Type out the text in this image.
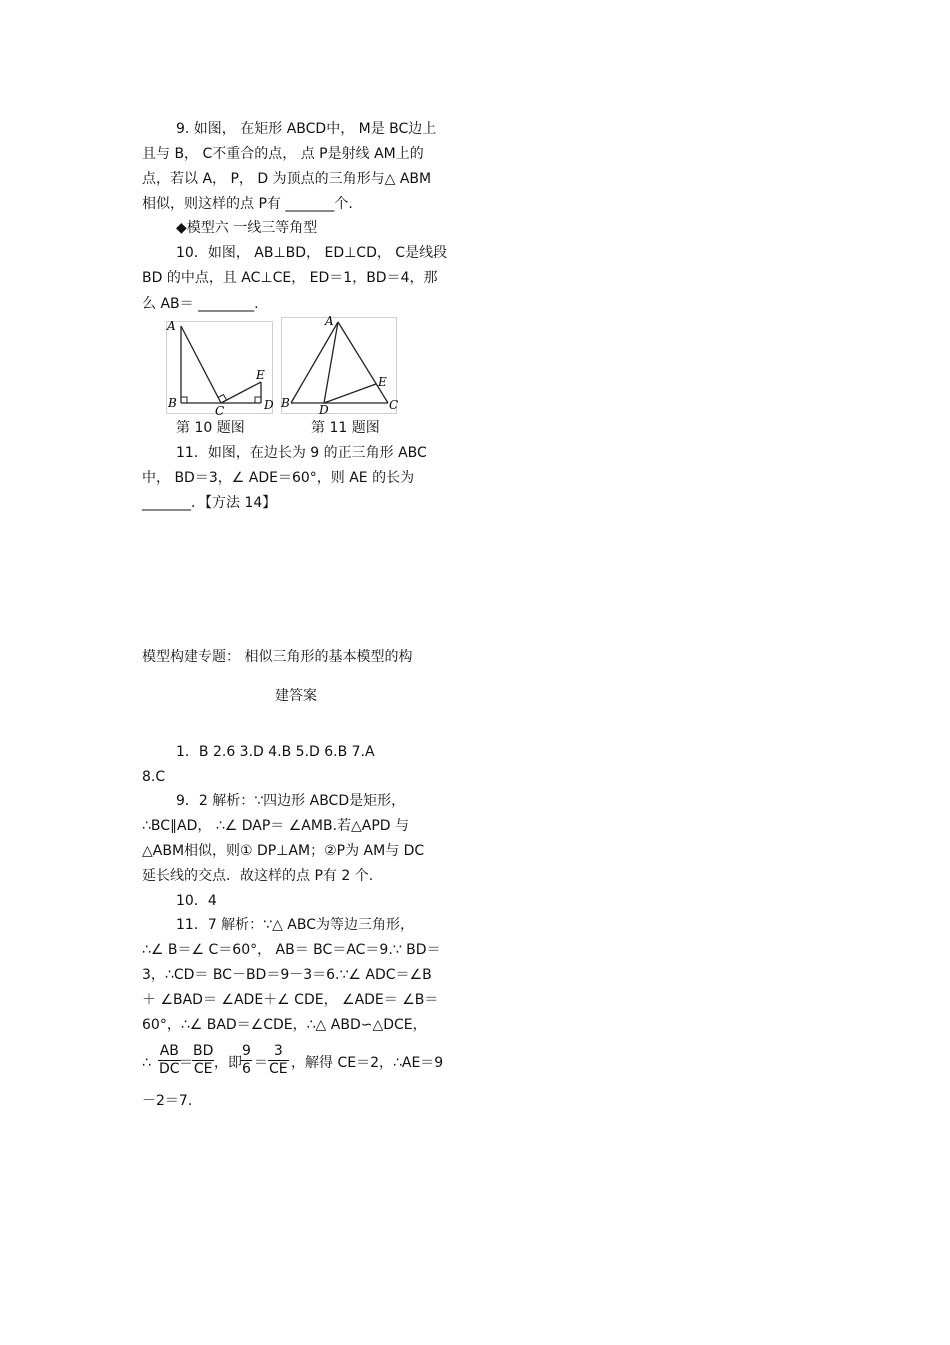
9. 如图， 在矩形 ABCD中， M是 BC边上
且与 B， C不重合的点， 点 P是射线 AM上的
点，若以 A， P， D 为顶点的三角形与△ ABM
相似，则这样的点 P有 _______个.
◆模型六 一线三等角型
10．如图， AB⊥BD， ED⊥CD， C是线段
BD 的中点，且 AC⊥CE， ED＝1，BD＝4，那
么 AB＝ ________.
A
B
C	D
E
A
B D	C
E
第 10 题图	第 11 题图
11．如图，在边长为 9 的正三角形 ABC
中， BD＝3，∠ ADE＝60°，则 AE 的长为
_______．【方法 14】
模型构建专题： 相似三角形的基本模型的构
建答案
1．B 2.6 3.D 4.B 5.D 6.B 7.A
8.C
9．2 解析：∵四边形 ABCD是矩形，
∴BC∥AD， ∴∠ DAP＝ ∠AMB.若△APD 与
△ABM相似，则① DP⊥AM；②P为 AM与 DC
延长线的交点．故这样的点 P有 2 个.
10．4
11．7 解析：∵△ ABC为等边三角形，
∴∠ B＝∠ C＝60°， AB＝ BC＝AC＝9.∵ BD＝
3，∴CD＝ BC－BD＝9－3＝6.∵∠ ADC＝∠B
＋ ∠BAD＝ ∠ADE＋∠ CDE， ∠ADE＝ ∠B＝
60°，∴∠ BAD＝∠CDE，∴△ ABD∽△DCE，
∴ $\frac{AB}{DC}$
＝ $\frac{BD}{CE}$ ，即 $\frac{9}{6} = \frac{3}{CE}$ ，解得 CE＝2，∴AE＝9
－2＝7.
